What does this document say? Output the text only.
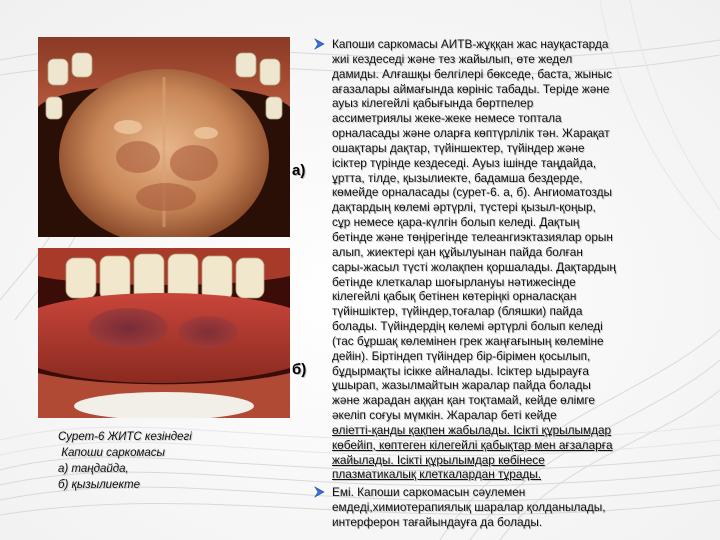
а)
б)
Сурет-6 ЖИТС кезіндегі
Капоши саркомасы
а) таңдайда,
б) қызылиекте
Капоши саркомасы АИТВ-жұққан жас науқастарда
жиі кездеседі және тез жайылып, өте жедел
дамиды. Алғашқы белгілері бөкседе, баста, жыныс
ағазалары аймағында көрініс табады. Теріде және
ауыз кілегейлі қабығында бөртпелер
ассиметриялы жеке-жеке немесе топтала
орналасады және оларға көптүрлілік тән. Жарақат
ошақтары дақтар, түйіншектер, түйіндер және
ісіктер түрінде кездеседі. Ауыз ішінде таңдайда,
ұртта, тілде, қызылиекте, бадамша бездерде,
көмейде орналасады (сурет-6. а, б). Ангиоматозды
дақтардың көлемі әртүрлі, түстері қызыл-қоңыр,
сұр немесе қара-күлгін болып келеді. Дақтың
бетінде және төңірегінде телеангиэктазиялар орын
алып, жиектері қан құйылуынан пайда болған
сары-жасыл түсті жолақпен қоршалады. Дақтардың
бетінде клеткалар шоғырлануы нәтижесінде
кілегейлі қабық бетінен көтеріңкі орналасқан
түйіншіктер, түйіндер,тоғалар (бляшки) пайда
болады. Түйіндердің көлемі әртүрлі болып келеді
(тас бұршақ көлемінен грек жаңғағының көлеміне
дейін). Біртіндеп түйіндер бір-бірімен қосылып,
бұдырмақты ісікке айналады. Ісіктер ыдырауға
ұшырап, жазылмайтын жаралар пайда болады
және жарадан аққан қан тоқтамай, кейде өлімге
әкеліп соғуы мүмкін. Жаралар беті кейде
өліетті-қанды қақпен жабылады. Ісікті құрылымдар
көбейіп, көптеген кілегейлі қабықтар мен ағзаларға
жайылады. Ісікті құрылымдар көбінесе
плазматикалық клеткалардан тұрады.
Емі. Капоши саркомасын сәулемен
емдеді,химиотерапиялық шаралар қолданылады,
интерферон тағайындауға да болады.
